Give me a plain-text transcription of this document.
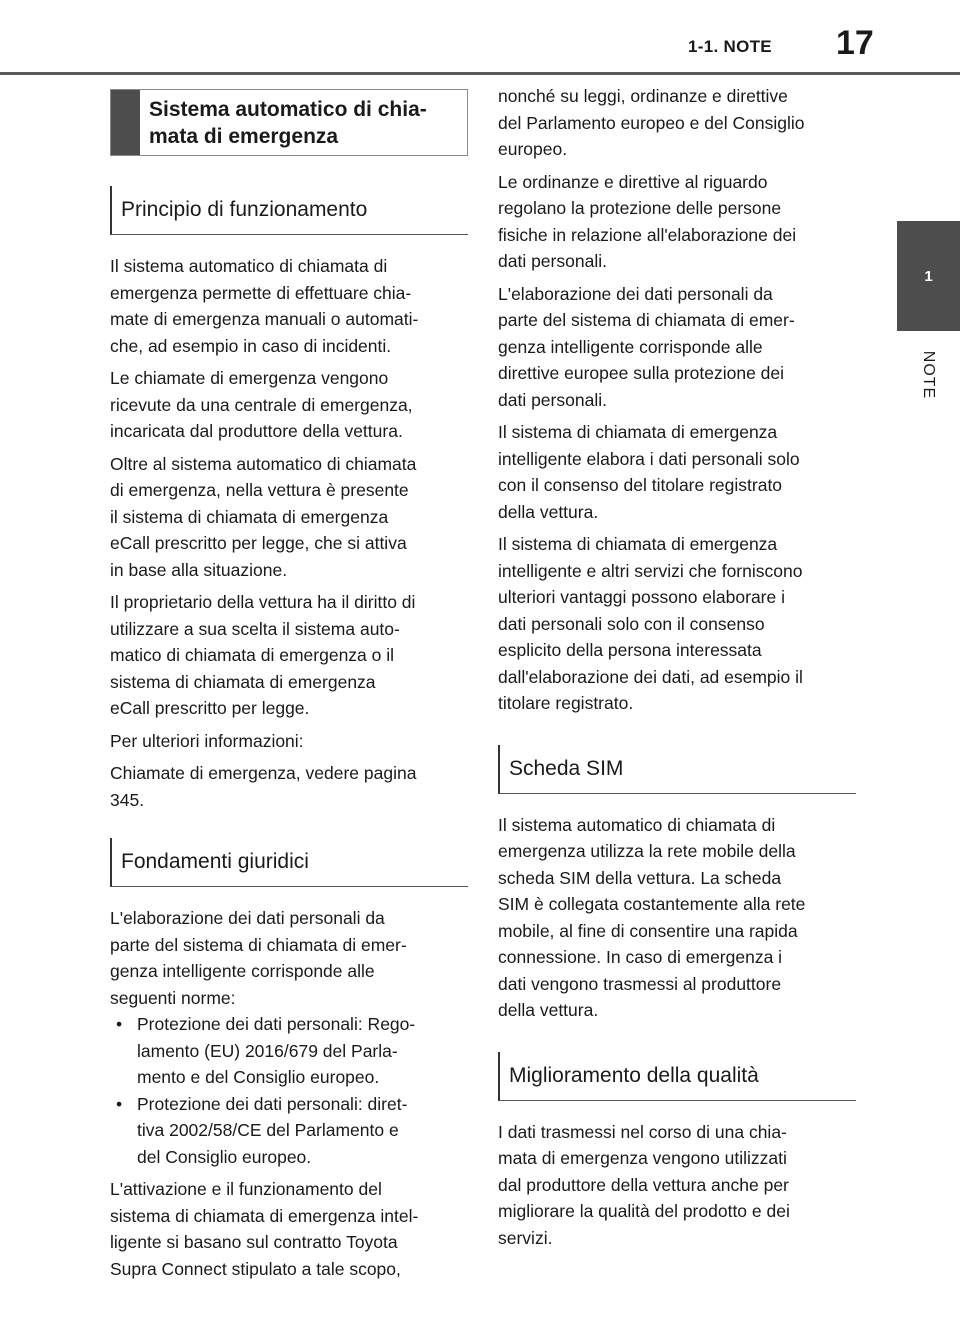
1-1. NOTE 17
1
NOTE
Sistema automatico di chia-
mata di emergenza
Principio di funzionamento

Il sistema automatico di chiamata di
emergenza permette di effettuare chia-
mate di emergenza manuali o automati-
che, ad esempio in caso di incidenti.

Le chiamate di emergenza vengono
ricevute da una centrale di emergenza,
incaricata dal produttore della vettura.

Oltre al sistema automatico di chiamata
di emergenza, nella vettura è presente
il sistema di chiamata di emergenza
eCall prescritto per legge, che si attiva
in base alla situazione.

Il proprietario della vettura ha il diritto di
utilizzare a sua scelta il sistema auto-
matico di chiamata di emergenza o il
sistema di chiamata di emergenza
eCall prescritto per legge.

Per ulteriori informazioni:

Chiamate di emergenza, vedere pagina
345.

Fondamenti giuridici

L'elaborazione dei dati personali da
parte del sistema di chiamata di emer-
genza intelligente corrisponde alle
seguenti norme:

• Protezione dei dati personali: Rego-
lamento (EU) 2016/679 del Parla-
mento e del Consiglio europeo.
• Protezione dei dati personali: diret-
tiva 2002/58/CE del Parlamento e
del Consiglio europeo.

L'attivazione e il funzionamento del
sistema di chiamata di emergenza intel-
ligente si basano sul contratto Toyota
Supra Connect stipulato a tale scopo,

nonché su leggi, ordinanze e direttive
del Parlamento europeo e del Consiglio
europeo.

Le ordinanze e direttive al riguardo
regolano la protezione delle persone
fisiche in relazione all'elaborazione dei
dati personali.

L'elaborazione dei dati personali da
parte del sistema di chiamata di emer-
genza intelligente corrisponde alle
direttive europee sulla protezione dei
dati personali.

Il sistema di chiamata di emergenza
intelligente elabora i dati personali solo
con il consenso del titolare registrato
della vettura.

Il sistema di chiamata di emergenza
intelligente e altri servizi che forniscono
ulteriori vantaggi possono elaborare i
dati personali solo con il consenso
esplicito della persona interessata
dall'elaborazione dei dati, ad esempio il
titolare registrato.

Scheda SIM

Il sistema automatico di chiamata di
emergenza utilizza la rete mobile della
scheda SIM della vettura. La scheda
SIM è collegata costantemente alla rete
mobile, al fine di consentire una rapida
connessione. In caso di emergenza i
dati vengono trasmessi al produttore
della vettura.

Miglioramento della qualità

I dati trasmessi nel corso di una chia-
mata di emergenza vengono utilizzati
dal produttore della vettura anche per
migliorare la qualità del prodotto e dei
servizi.
